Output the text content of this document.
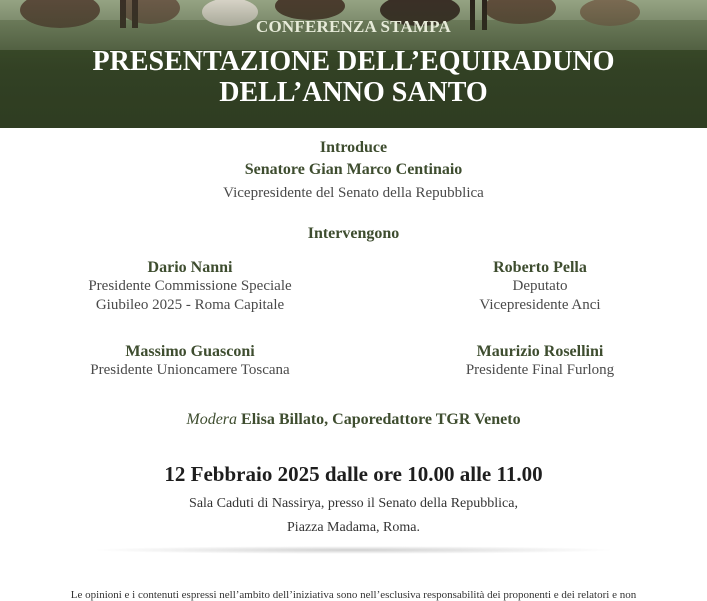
CONFERENZA STAMPA
PRESENTAZIONE DELL’EQUIRADUNO
DELL’ANNO SANTO
Introduce
Senatore Gian Marco Centinaio
Vicepresidente del Senato della Repubblica
Intervengono
Dario Nanni
Presidente Commissione Speciale
Giubileo 2025 - Roma Capitale
Roberto Pella
Deputato
Vicepresidente Anci
Massimo Guasconi
Presidente Unioncamere Toscana
Maurizio Rosellini
Presidente Final Furlong
Modera Elisa Billato, Caporedattore TGR Veneto
12 Febbraio 2025 dalle ore 10.00 alle 11.00
Sala Caduti di Nassirya, presso il Senato della Repubblica,
Piazza Madama, Roma.
Le opinioni e i contenuti espressi nell’ambito dell’iniziativa sono nell’esclusiva responsabilità dei proponenti e dei relatori e non
